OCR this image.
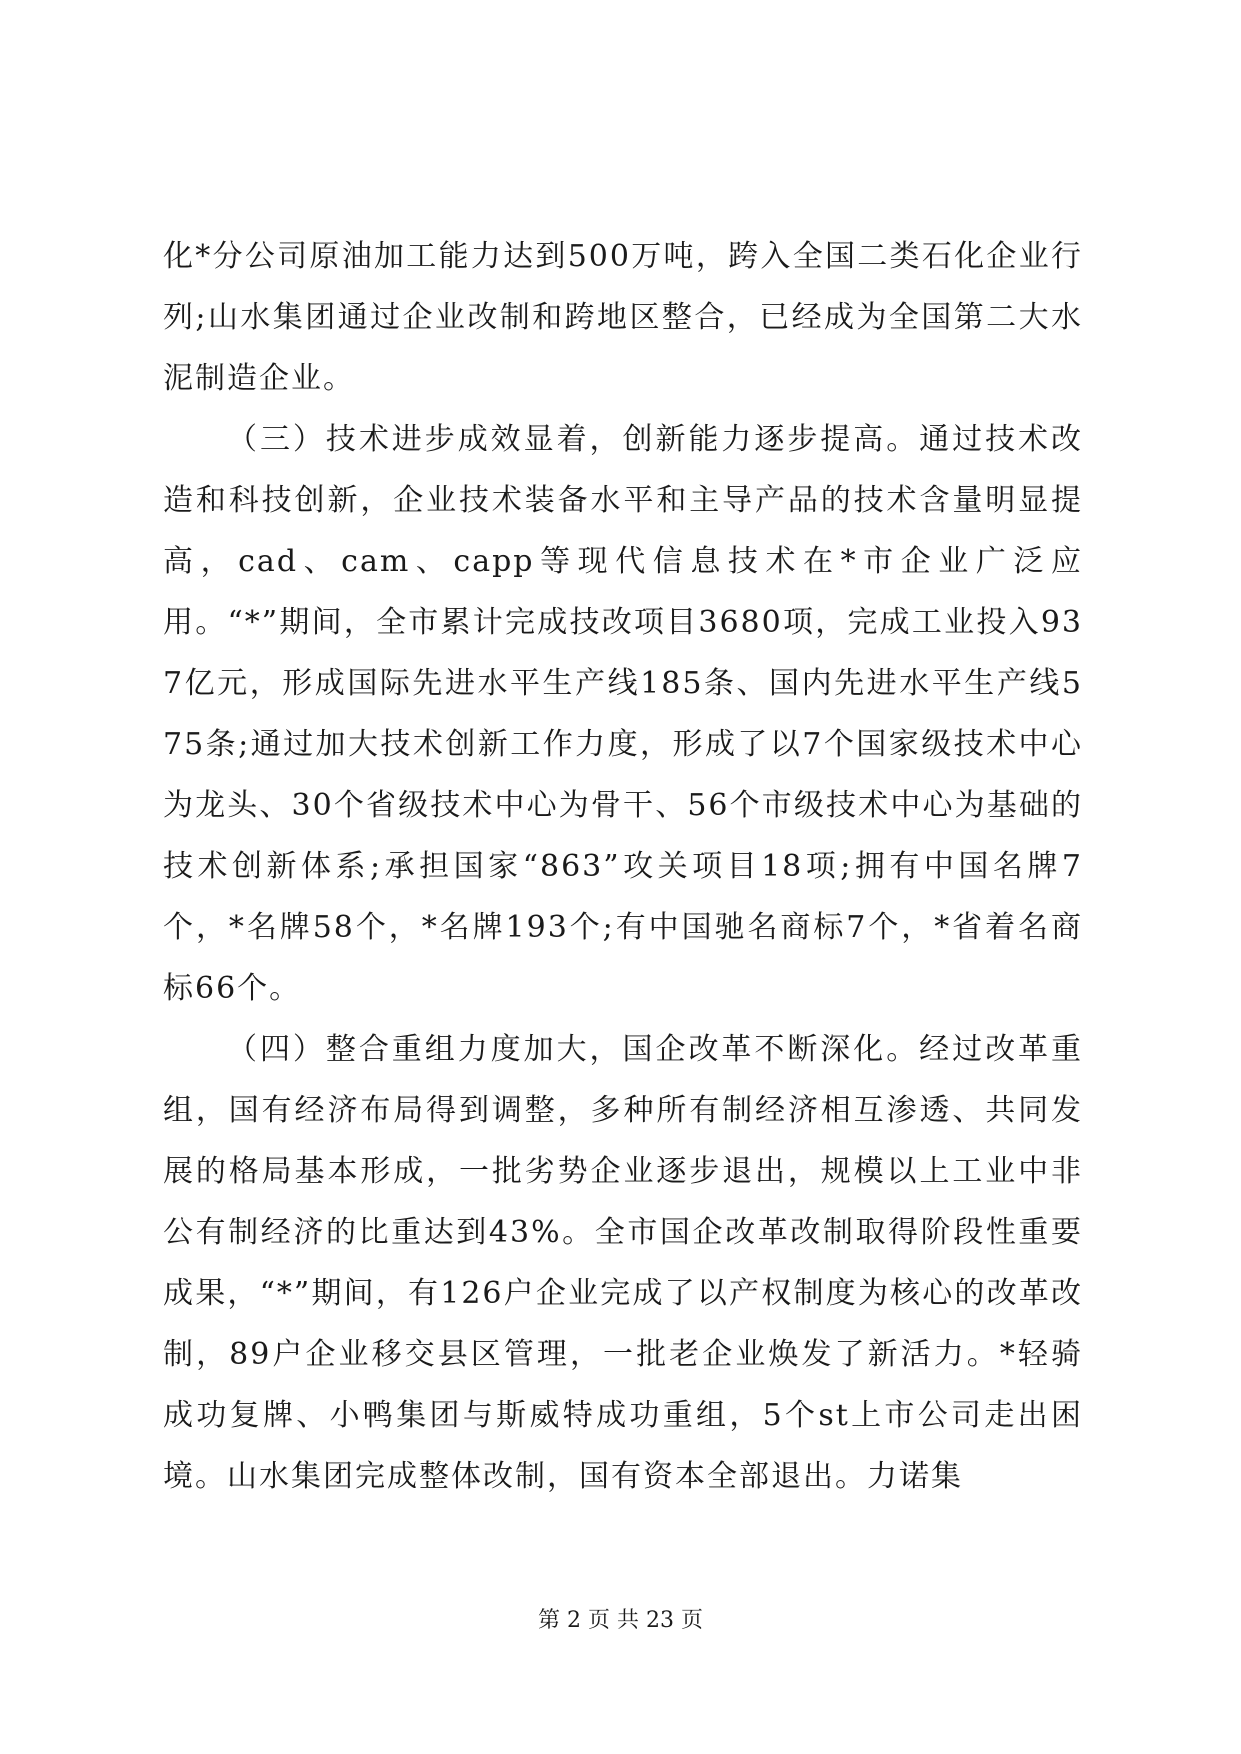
化*分公司原油加工能力达到500万吨，跨入全国二类石化企业行列;山水集团通过企业改制和跨地区整合，已经成为全国第二大水泥制造企业。

（三）技术进步成效显着，创新能力逐步提高。通过技术改造和科技创新，企业技术装备水平和主导产品的技术含量明显提高，cad、cam、capp等现代信息技术在*市企业广泛应用。“*”期间，全市累计完成技改项目3680项，完成工业投入937亿元，形成国际先进水平生产线185条、国内先进水平生产线575条;通过加大技术创新工作力度，形成了以7个国家级技术中心为龙头、30个省级技术中心为骨干、56个市级技术中心为基础的技术创新体系;承担国家“863”攻关项目18项;拥有中国名牌7个，*名牌58个，*名牌193个;有中国驰名商标7个，*省着名商标66个。

（四）整合重组力度加大，国企改革不断深化。经过改革重组，国有经济布局得到调整，多种所有制经济相互渗透、共同发展的格局基本形成，一批劣势企业逐步退出，规模以上工业中非公有制经济的比重达到43%。全市国企改革改制取得阶段性重要成果，“*”期间，有126户企业完成了以产权制度为核心的改革改制，89户企业移交县区管理，一批老企业焕发了新活力。*轻骑成功复牌、小鸭集团与斯威特成功重组，5个st上市公司走出困境。山水集团完成整体改制，国有资本全部退出。力诺集

第 2 页 共 23 页
